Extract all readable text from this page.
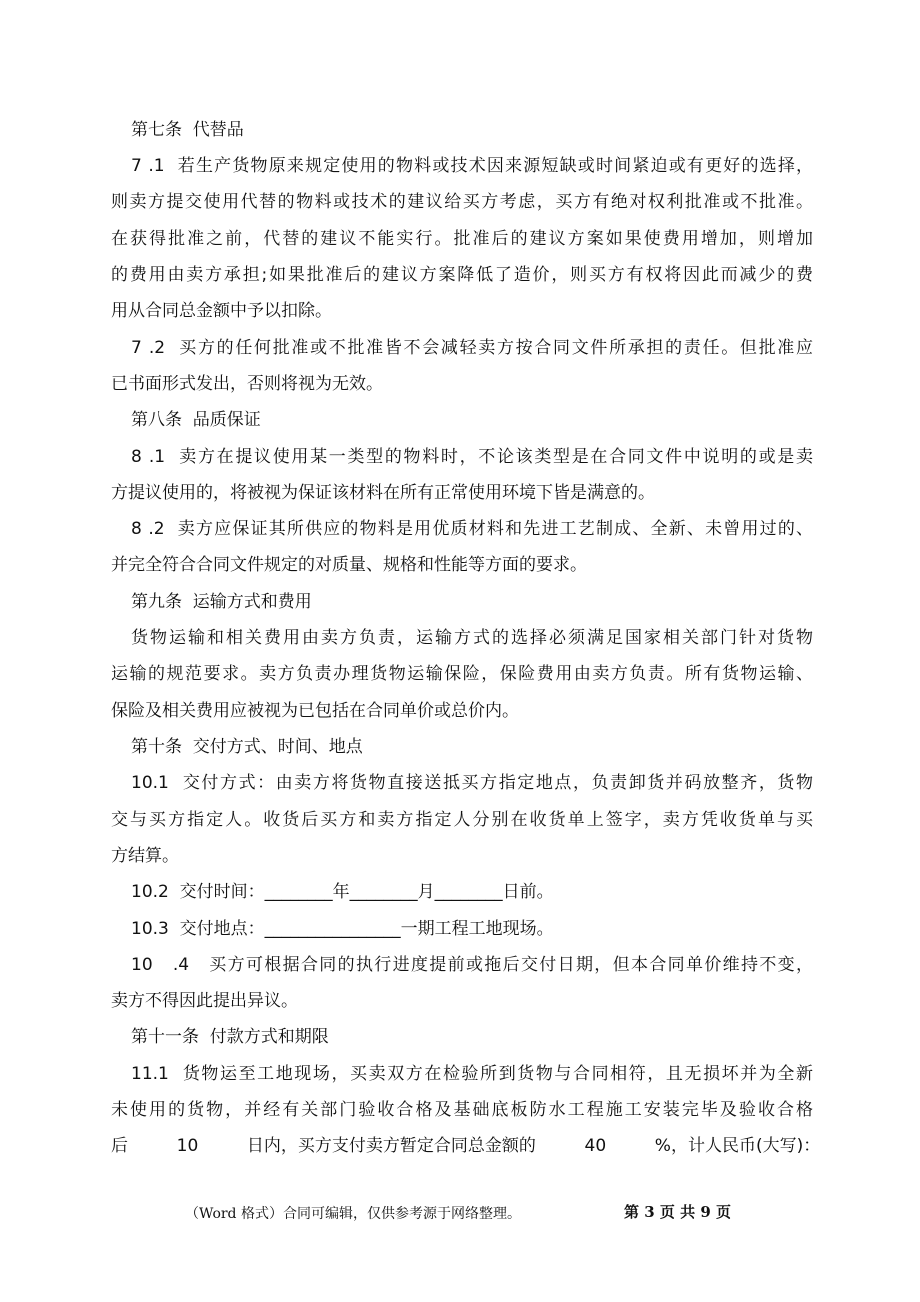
第七条  代替品
7 .1  若生产货物原来规定使用的物料或技术因来源短缺或时间紧迫或有更好的选择，
则卖方提交使用代替的物料或技术的建议给买方考虑，买方有绝对权利批准或不批准。
在获得批准之前，代替的建议不能实行。批准后的建议方案如果使费用增加，则增加
的费用由卖方承担;如果批准后的建议方案降低了造价，则买方有权将因此而减少的费
用从合同总金额中予以扣除。
7 .2  买方的任何批准或不批准皆不会减轻卖方按合同文件所承担的责任。但批准应
已书面形式发出，否则将视为无效。
第八条  品质保证
8 .1  卖方在提议使用某一类型的物料时，不论该类型是在合同文件中说明的或是卖
方提议使用的，将被视为保证该材料在所有正常使用环境下皆是满意的。
8 .2  卖方应保证其所供应的物料是用优质材料和先进工艺制成、全新、未曾用过的、
并完全符合合同文件规定的对质量、规格和性能等方面的要求。
第九条  运输方式和费用
货物运输和相关费用由卖方负责，运输方式的选择必须满足国家相关部门针对货物
运输的规范要求。卖方负责办理货物运输保险，保险费用由卖方负责。所有货物运输、
保险及相关费用应被视为已包括在合同单价或总价内。
第十条  交付方式、时间、地点
10.1  交付方式：由卖方将货物直接送抵买方指定地点，负责卸货并码放整齐，货物
交与买方指定人。收货后买方和卖方指定人分别在收货单上签字，卖方凭收货单与买
方结算。
10.2  交付时间：________年________月________日前。
10.3  交付地点：________________一期工程工地现场。
10   .4   买方可根据合同的执行进度提前或拖后交付日期，但本合同单价维持不变，
卖方不得因此提出异议。
第十一条  付款方式和期限
11.1  货物运至工地现场，买卖双方在检验所到货物与合同相符，且无损坏并为全新
未使用的货物，并经有关部门验收合格及基础底板防水工程施工安装完毕及验收合格
后         10         日内，买方支付卖方暂定合同总金额的         40         %，计人民币(大写)：
（Word 格式）合同可编辑，仅供参考源于网络整理。	第 3 页 共 9 页
